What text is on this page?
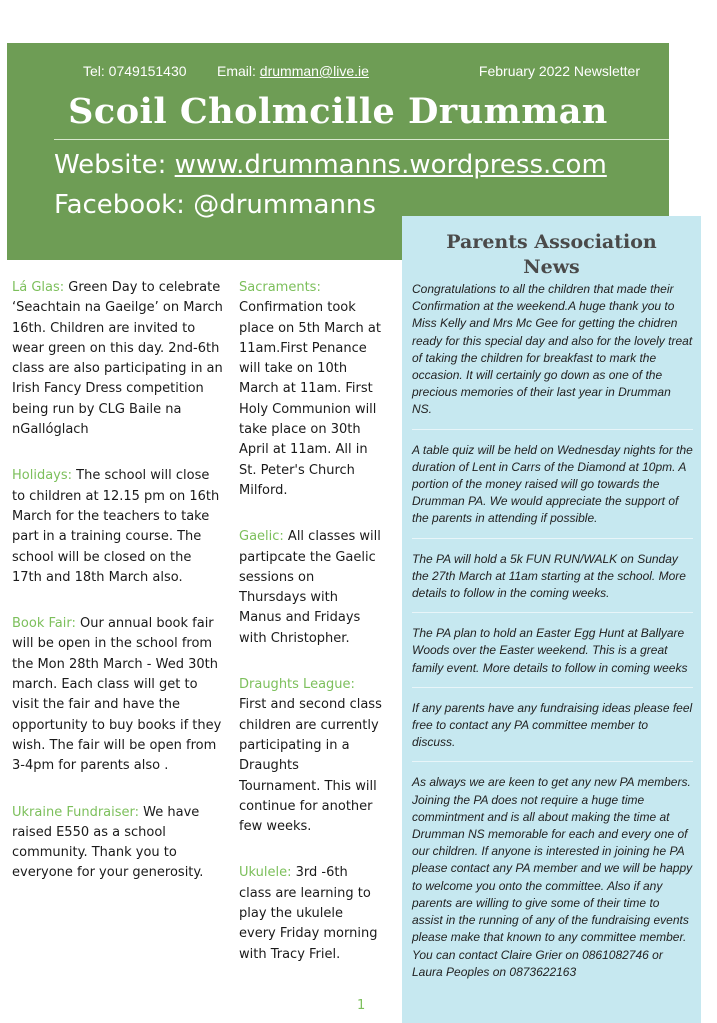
Tel: 0749151430 Email: drumman@live.ie	February 2022 Newsletter
Scoil Cholmcille Drumman
Website: www.drummanns.wordpress.com
Facebook: @drummanns
Lá Glas: Green Day to celebrate ‘Seachtain na Gaeilge’ on March 16th. Children are invited to wear green on this day. 2nd-6th class are also participating in an Irish Fancy Dress competition being run by CLG Baile na nGallóglach
Holidays: The school will close to children at 12.15 pm on 16th March for the teachers to take part in a training course. The school will be closed on the 17th and 18th March also.
Book Fair: Our annual book fair will be open in the school from the Mon 28th March - Wed 30th march. Each class will get to visit the fair and have the opportunity to buy books if they wish. The fair will be open from 3-4pm for parents also .
Ukraine Fundraiser: We have raised E550 as a school community. Thank you to everyone for your generosity.
Sacraments:
Confirmation took place on 5th March at 11am.First Penance will take on 10th March at 11am. First Holy Communion will take place on 30th April at 11am. All in St. Peter's Church Milford.
Gaelic: All classes will partipcate the Gaelic sessions on Thursdays with Manus and Fridays with Christopher.
Draughts League:
First and second class children are currently participating in a Draughts Tournament. This will continue for another few weeks.
Ukulele: 3rd -6th class are learning to play the ukulele every Friday morning with Tracy Friel.
Parents Association
News
Congratulations to all the children that made their Confirmation at the weekend.A huge thank you to Miss Kelly and Mrs Mc Gee for getting the chidren ready for this special day and also for the lovely treat of taking the children for breakfast to mark the occasion. It will certainly go down as one of the precious memories of their last year in Drumman NS.
A table quiz will be held on Wednesday nights for the duration of Lent in Carrs of the Diamond at 10pm. A portion of the money raised will go towards the Drumman PA. We would appreciate the support of the parents in attending if possible.
The PA will hold a 5k FUN RUN/WALK on Sunday the 27th March at 11am starting at the school. More details to follow in the coming weeks.
The PA plan to hold an Easter Egg Hunt at Ballyare Woods over the Easter weekend. This is a great family event. More details to follow in coming weeks
If any parents have any fundraising ideas please feel free to contact any PA committee member to discuss.
As always we are keen to get any new PA members. Joining the PA does not require a huge time commintment and is all about making the time at Drumman NS memorable for each and every one of our children. If anyone is interested in joining he PA please contact any PA member and we will be happy to welcome you onto the committee. Also if any parents are willing to give some of their time to assist in the running of any of the fundraising events please make that known to any committee member. You can contact Claire Grier on 0861082746 or Laura Peoples on 0873622163
1
